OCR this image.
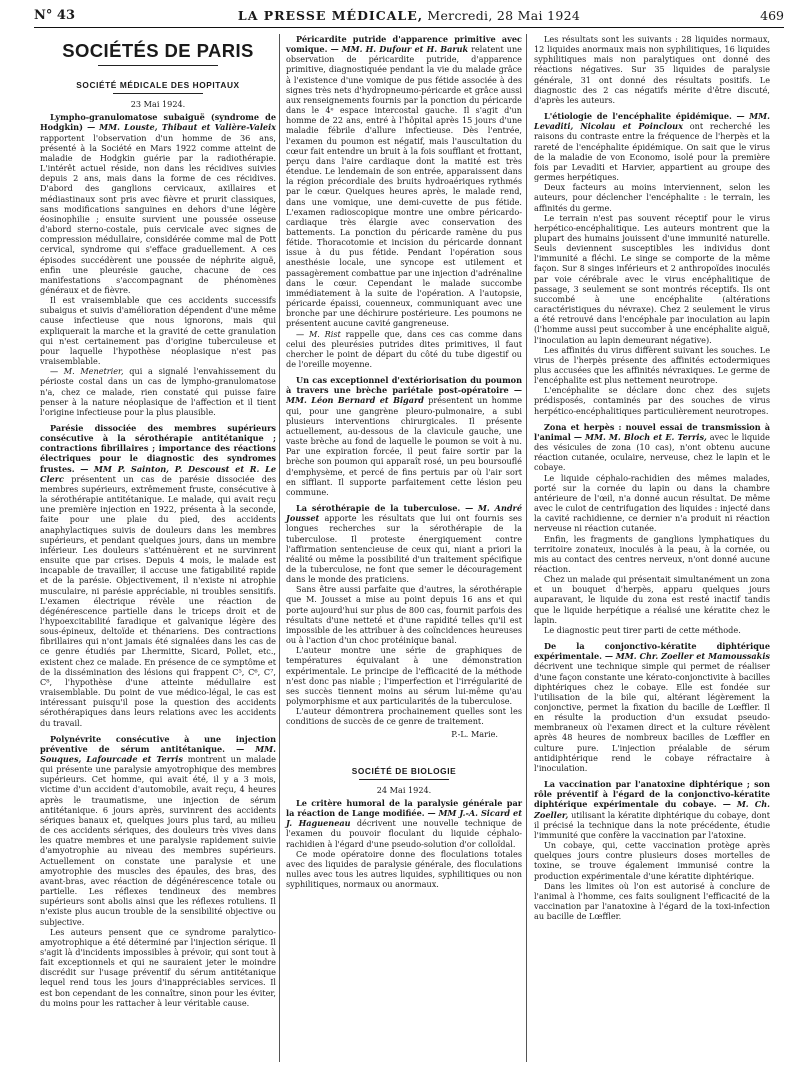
N° 43	LA PRESSE MÉDICALE, Mercredi, 28 Mai 1924	469
SOCIÉTÉS DE PARIS
SOCIÉTÉ MÉDICALE DES HOPITAUX
23 Mai 1924.

Lympho-granulomatose subaiguë (syndrome de Hodgkin) — MM. Louste, Thibaut et Valière-Valeix rapportent l'observation d'un homme de 36 ans, présenté à la Société en Mars 1922 comme atteint de maladie de Hodgkin guérie par la radiothérapie. L'intérêt actuel réside, non dans les récidives suivies depuis 2 ans, mais dans la forme de ces récidives. D'abord des ganglions cervicaux, axillaires et médiastinaux sont pris avec fièvre et prurit classiques, sans modifications sanguines en dehors d'une légère éosinophilie ; ensuite survient une poussée osseuse d'abord sterno-costale, puis cervicale avec signes de compression médullaire, considérée comme mal de Pott cervical, syndrome qui s'efface graduellement. A ces épisodes succédèrent une poussée de néphrite aiguë, enfin une pleurésie gauche, chacune de ces manifestations s'accompagnant de phénomènes généraux et de fièvre.

Il est vraisemblable que ces accidents successifs subaigus et suivis d'amélioration dépendent d'une même cause infectieuse que nous ignorons, mais qui expliquerait la marche et la gravité de cette granulation qui n'est certainement pas d'origine tuberculeuse et pour laquelle l'hypothèse néoplasique n'est pas vraisemblable.

— M. Menetrier, qui a signalé l'envahissement du périoste costal dans un cas de lympho-granulomatose n'a, chez ce malade, rien constaté qui puisse faire penser à la nature néoplasique de l'affection et il tient l'origine infectieuse pour la plus plausible.

Parésie dissociée des membres supérieurs consécutive à la sérothérapie antitétanique ; contractions fibrillaires ; importance des réactions électriques pour le diagnostic des syndromes frustes. — MM P. Sainton, P. Descoust et R. Le Clerc présentent un cas de parésie dissociée des membres supérieurs, extrêmement fruste, consécutive à la sérothérapie antitétanique. Le malade, qui avait reçu une première injection en 1922, présenta à la seconde, faite pour une plaie du pied, des accidents anaphylactiques suivis de douleurs dans les membres supérieurs, et pendant quelques jours, dans un membre inférieur. Les douleurs s'atténuèrent et ne survinrent ensuite que par crises. Depuis 4 mois, le malade est incapable de travailler, il accuse une fatigabilité rapide et de la parésie. Objectivement, il n'existe ni atrophie musculaire, ni parésie appréciable, ni troubles sensitifs. L'examen électrique révèle une réaction de dégénérescence partielle dans le triceps droit et de l'hypoexcitabilité faradique et galvanique légère des sous-épineux, deltoïde et thénariens. Des contractions fibrillaires qui n'ont jamais été signalées dans les cas de ce genre étudiés par Lhermitte, Sicard, Pollet, etc., existent chez ce malade. En présence de ce symptôme et de la dissémination des lésions qui frappent C⁵, C⁶, C⁷, C⁸, l'hypothèse d'une atteinte médullaire est vraisemblable. Du point de vue médico-légal, le cas est intéressant puisqu'il pose la question des accidents sérothérapiques dans leurs relations avec les accidents du travail.

Polynévrite consécutive à une injection préventive de sérum antitétanique. — MM. Souques, Lafourcade et Terris montrent un malade qui présente une paralysie amyotrophique des membres supérieurs. Cet homme, qui avait été, il y a 3 mois, victime d'un accident d'automobile, avait reçu, 4 heures après le traumatisme, une injection de sérum antitétanique. 6 jours après, survinrent des accidents sériques banaux et, quelques jours plus tard, au milieu de ces accidents sériques, des douleurs très vives dans les quatre membres et une paralysie rapidement suivie d'amyotrophie au niveau des membres supérieurs. Actuellement on constate une paralysie et une amyotrophie des muscles des épaules, des bras, des avant-bras, avec réaction de dégénérescence totale ou partielle. Les réflexes tendineux des membres supérieurs sont abolis ainsi que les réflexes rotuliens. Il n'existe plus aucun trouble de la sensibilité objective ou subjective.

Les auteurs pensent que ce syndrome paralytico-amyotrophique a été déterminé par l'injection sérique. Il s'agit là d'incidents impossibles à prévoir, qui sont tout à fait exceptionnels et qui ne sauraient jeter le moindre discrédit sur l'usage préventif du sérum antitétanique lequel rend tous les jours d'inappréciables services. Il est bon cependant de les connaître, sinon pour les éviter, du moins pour les rattacher à leur véritable cause.

Péricardite putride d'apparence primitive avec vomique. — MM. H. Dufour et H. Baruk relatent une observation de péricardite putride, d'apparence primitive, diagnostiquée pendant la vie du malade grâce à l'existence d'une vomique de pus fétide associée à des signes très nets d'hydropneumo-péricarde et grâce aussi aux renseignements fournis par la ponction du péricarde dans le 4ᵉ espace intercostal gauche. Il s'agit d'un homme de 22 ans, entré à l'hôpital après 15 jours d'une maladie fébrile d'allure infectieuse. Dès l'entrée, l'examen du poumon est négatif, mais l'auscultation du cœur fait entendre un bruit à la fois soufflant et frottant, perçu dans l'aire cardiaque dont la matité est très étendue. Le lendemain de son entrée, apparaissent dans la région précordiale des bruits hydroaériques rythmés par le cœur. Quelques heures après, le malade rend, dans une vomique, une demi-cuvette de pus fétide. L'examen radioscopique montre une ombre péricardo-cardiaque très élargie avec conservation des battements. La ponction du péricarde ramène du pus fétide. Thoracotomie et incision du péricarde donnant issue à du pus fétide. Pendant l'opération sous anesthésie locale, une syncope est utilement et passagèrement combattue par une injection d'adrénaline dans le cœur. Cependant le malade succombe immédiatement à la suite de l'opération. A l'autopsie, péricarde épaissi, couenneux, communiquant avec une bronche par une déchirure postérieure. Les poumons ne présentent aucune cavité gangreneuse.

— M. Rist rappelle que, dans ces cas comme dans celui des pleurésies putrides dites primitives, il faut chercher le point de départ du côté du tube digestif ou de l'oreille moyenne.

Un cas exceptionnel d'extériorisation du poumon à travers une brèche pariétale post-opératoire — MM. Léon Bernard et Bigard présentent un homme qui, pour une gangrène pleuro-pulmonaire, a subi plusieurs interventions chirurgicales. Il présente actuellement, au-dessous de la clavicule gauche, une vaste brèche au fond de laquelle le poumon se voit à nu. Par une expiration forcée, il peut faire sortir par la brèche son poumon qui apparaît rosé, un peu boursouflé d'emphysème, et percé de fins pertuis par où l'air sort en sifflant. Il supporte parfaitement cette lésion peu commune.

La sérothérapie de la tuberculose. — M. André Jousset apporte les résultats que lui ont fournis ses longues recherches sur la sérothérapie de la tuberculose. Il proteste énergiquement contre l'affirmation sentencieuse de ceux qui, niant a priori la réalité ou même la possibilité d'un traitement spécifique de la tuberculose, ne font que semer le découragement dans le monde des praticiens.

Sans être aussi parfaite que d'autres, la sérothérapie que M. Jousset a mise au point depuis 16 ans et qui porte aujourd'hui sur plus de 800 cas, fournit parfois des résultats d'une netteté et d'une rapidité telles qu'il est impossible de les attribuer à des coïncidences heureuses ou à l'action d'un choc protéinique banal.

L'auteur montre une série de graphiques de températures équivalant à une démonstration expérimentale. Le principe de l'efficacité de la méthode n'est donc pas niable ; l'imperfection et l'irrégularité de ses succès tiennent moins au sérum lui-même qu'au polymorphisme et aux particularités de la tuberculose.

L'auteur démontrera prochainement quelles sont les conditions de succès de ce genre de traitement.

P.-L. Marie.
SOCIÉTÉ DE BIOLOGIE
24 Mai 1924.

Le critère humoral de la paralysie générale par la réaction de Lange modifiée. — MM J.-A. Sicard et J. Hagueneau décrivent une nouvelle technique de l'examen du pouvoir floculant du liquide céphalo-rachidien à l'égard d'une pseudo-solution d'or colloïdal.

Ce mode opératoire donne des floculations totales avec des liquides de paralysie générale, des floculations nulles avec tous les autres liquides, syphilitiques ou non syphilitiques, normaux ou anormaux.

Les résultats sont les suivants : 28 liquides normaux, 12 liquides anormaux mais non syphilitiques, 16 liquides syphilitiques mais non paralytiques ont donné des réactions négatives. Sur 35 liquides de paralysie générale, 31 ont donné des résultats positifs. Le diagnostic des 2 cas négatifs mérite d'être discuté, d'après les auteurs.

L'étiologie de l'encéphalite épidémique. — MM. Levaditi, Nicolau et Poincloux ont recherché les raisons du contraste entre la fréquence de l'herpès et la rareté de l'encéphalite épidémique. On sait que le virus de la maladie de von Economo, isolé pour la première fois par Levaditi et Harvier, appartient au groupe des germes herpétiques.

Deux facteurs au moins interviennent, selon les auteurs, pour déclencher l'encéphalite : le terrain, les affinités du germe.

Le terrain n'est pas souvent réceptif pour le virus herpético-encéphalitique. Les auteurs montrent que la plupart des humains jouissent d'une immunité naturelle. Seuls deviennent susceptibles les individus dont l'immunité a fléchi. Le singe se comporte de la même façon. Sur 8 singes inférieurs et 2 anthropoïdes inoculés par voie cérébrale avec le virus encéphalitique de passage, 3 seulement se sont montrés réceptifs. Ils ont succombé à une encéphalite (altérations caractéristiques du névraxe). Chez 2 seulement le virus a été retrouvé dans l'encéphale par inoculation au lapin (l'homme aussi peut succomber à une encéphalite aiguë, l'inoculation au lapin demeurant négative).

Les affinités du virus diffèrent suivant les souches. Le virus de l'herpès présente des affinités ectodermiques plus accusées que les affinités névraxiques. Le germe de l'encéphalite est plus nettement neurotrope.

L'encéphalite se déclare donc chez des sujets prédisposés, contaminés par des souches de virus herpético-encéphalitiques particulièrement neurotropes.

Zona et herpès : nouvel essai de transmission à l'animal — MM. M. Bloch et E. Terris, avec le liquide des vésicules de zona (10 cas), n'ont obtenu aucune réaction cutanée, oculaire, nerveuse, chez le lapin et le cobaye.

Le liquide céphalo-rachidien des mêmes malades, porté sur la cornée du lapin ou dans la chambre antérieure de l'œil, n'a donné aucun résultat. De même avec le culot de centrifugation des liquides : injecté dans la cavité rachidienne, ce dernier n'a produit ni réaction nerveuse ni réaction cutanée.

Enfin, les fragments de ganglions lymphatiques du territoire zonateux, inoculés à la peau, à la cornée, ou mis au contact des centres nerveux, n'ont donné aucune réaction.

Chez un malade qui présentait simultanément un zona et un bouquet d'herpès, apparu quelques jours auparavant, le liquide du zona est resté inactif tandis que le liquide herpétique a réalisé une kératite chez le lapin.

Le diagnostic peut tirer parti de cette méthode.

De la conjonctivo-kératite diphtérique expérimentale. — MM. Chr. Zoeller et Mamoussakis décrivent une technique simple qui permet de réaliser d'une façon constante une kérato-conjonctivite à bacilles diphtériques chez le cobaye. Elle est fondée sur l'utilisation de la bile qui, altérant légèrement la conjonctive, permet la fixation du bacille de Lœffler. Il en résulte la production d'un exsudat pseudo-membraneux où l'examen direct et la culture révèlent après 48 heures de nombreux bacilles de Lœffler en culture pure. L'injection préalable de sérum antidiphtérique rend le cobaye réfractaire à l'inoculation.

La vaccination par l'anatoxine diphtérique ; son rôle préventif à l'égard de la conjonctivo-kératite diphtérique expérimentale du cobaye. — M. Ch. Zoeller, utilisant la kératite diphtérique du cobaye, dont il précisé la technique dans la note précédente, étudie l'immunité que confère la vaccination par l'atoxine.

Un cobaye, qui, cette vaccination protège après quelques jours contre plusieurs doses mortelles de toxine, se trouve également immunisé contre la production expérimentale d'une kératite diphtérique.

Dans les limites où l'on est autorisé à conclure de l'animal à l'homme, ces faits soulignent l'efficacité de la vaccination par l'anatoxine à l'égard de la toxi-infection au bacille de Lœffler.
